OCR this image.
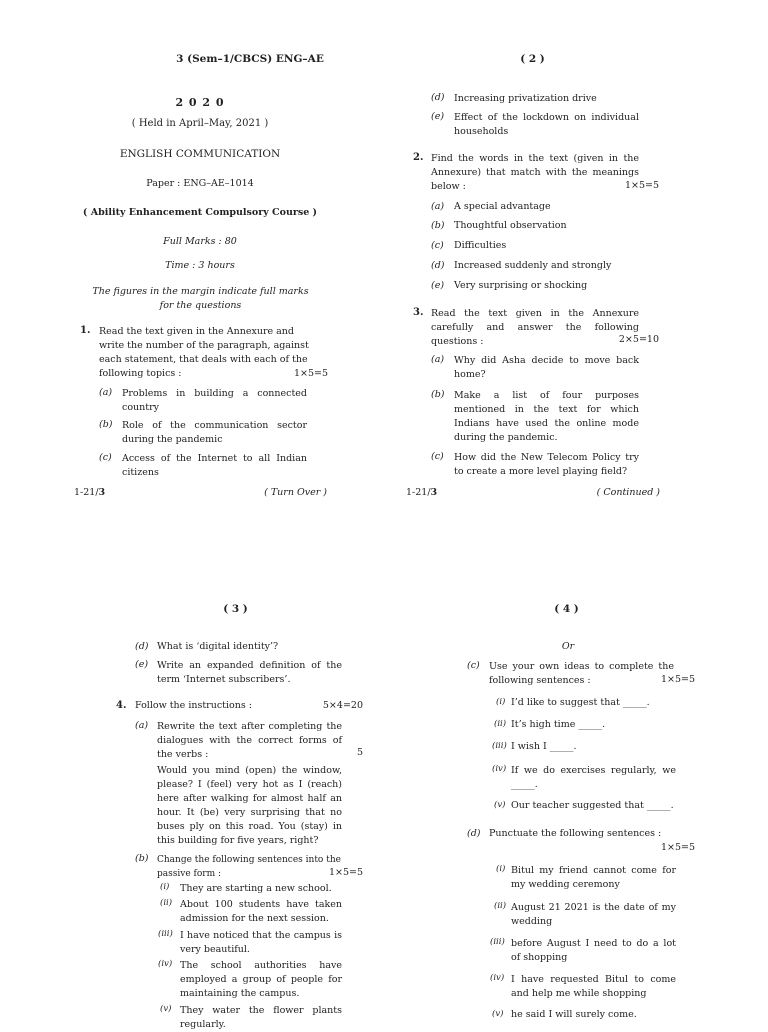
3 (Sem–1/CBCS) ENG–AE
2 0 2 0
( Held in April–May, 2021 )
ENGLISH COMMUNICATION
Paper : ENG–AE–1014
( Ability Enhancement Compulsory Course )
Full Marks : 80
Time : 3 hours
The figures in the margin indicate full marks for the questions
1. Read the text given in the Annexure and write the number of the paragraph, against each statement, that deals with each of the following topics :	1×5=5
(a) Problems in building a connected country
(b) Role of the communication sector during the pandemic
(c) Access of the Internet to all Indian citizens
1-21/3	( Turn Over )
( 2 )
(d) Increasing privatization drive
(e) Effect of the lockdown on individual households
2. Find the words in the text (given in the Annexure) that match with the meanings below :	1×5=5
(a) A special advantage
(b) Thoughtful observation
(c) Difficulties
(d) Increased suddenly and strongly
(e) Very surprising or shocking
3. Read the text given in the Annexure carefully and answer the following questions :	2×5=10
(a) Why did Asha decide to move back home?
(b) Make a list of four purposes mentioned in the text for which Indians have used the online mode during the pandemic.
(c) How did the New Telecom Policy try to create a more level playing field?
1-21/3	( Continued )
( 3 )
(d) What is ‘digital identity’?
(e) Write an expanded definition of the term ‘Internet subscribers’.
4. Follow the instructions :	5×4=20
(a) Rewrite the text after completing the dialogues with the correct forms of the verbs :	5
Would you mind (open) the window, please? I (feel) very hot as I (reach) here after walking for almost half an hour. It (be) very surprising that no buses ply on this road. You (stay) in this building for five years, right?
(b) Change the following sentences into the passive form :	1×5=5
(i) They are starting a new school.
(ii) About 100 students have taken admission for the next session.
(iii) I have noticed that the campus is very beautiful.
(iv) The school authorities have employed a group of people for maintaining the campus.
(v) They water the flower plants regularly.
( 4 )
Or
(c) Use your own ideas to complete the following sentences :	1×5=5
(i) I’d like to suggest that _____.
(ii) It’s high time _____.
(iii) I wish I _____.
(iv) If we do exercises regularly, we _____.
(v) Our teacher suggested that _____.
(d) Punctuate the following sentences :
1×5=5
(i) Bitul my friend cannot come for my wedding ceremony
(ii) August 21 2021 is the date of my wedding
(iii) before August I need to do a lot of shopping
(iv) I have requested Bitul to come and help me while shopping
(v) he said I will surely come.
